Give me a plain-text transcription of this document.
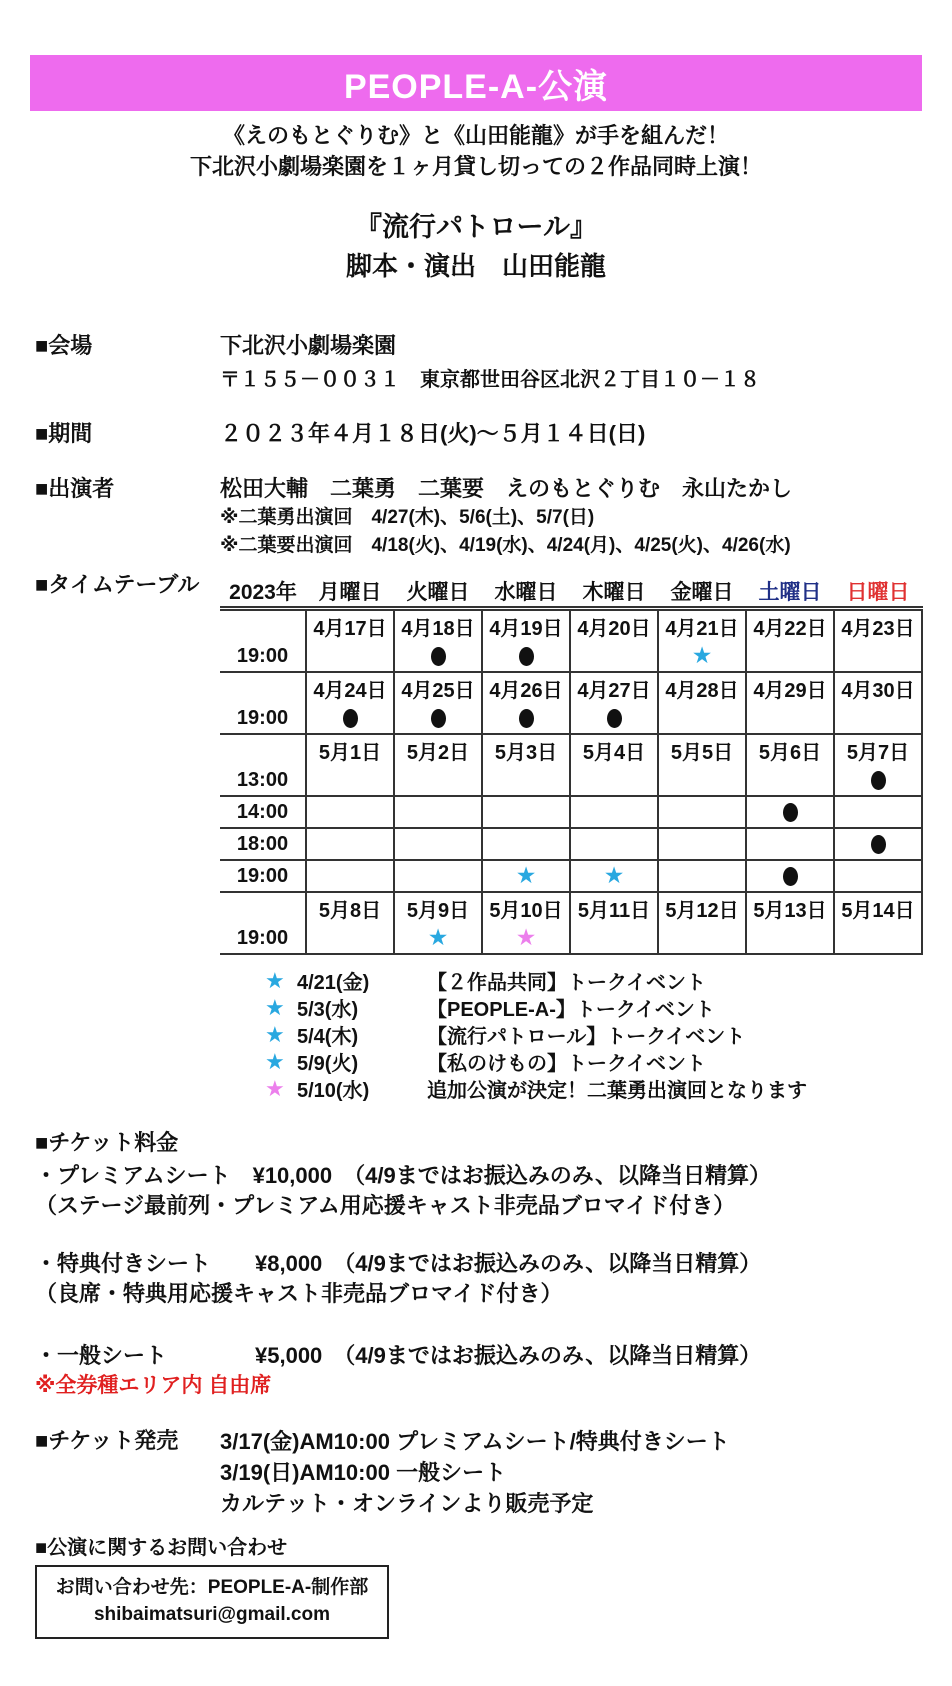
PEOPLE-A-公演
《えのもとぐりむ》と《山田能龍》が手を組んだ！
下北沢小劇場楽園を１ヶ月貸し切っての２作品同時上演！
『流行パトロール』
脚本・演出　山田能龍
■会場	下北沢小劇場楽園
〒１５５－００３１　東京都世田谷区北沢２丁目１０－１８
■期間	２０２３年４月１８日(火)～５月１４日(日)
■出演者	松田大輔　二葉勇　二葉要　えのもとぐりむ　永山たかし
※二葉勇出演回　4/27(木)、5/6(土)、5/7(日)
※二葉要出演回　4/18(火)、4/19(水)、4/24(月)、4/25(火)、4/26(水)
■タイムテーブル	2023年	月曜日	火曜日	水曜日	木曜日	金曜日	土曜日	日曜日
	4月17日	4月18日	4月19日	4月20日	4月21日	4月22日	4月23日
19:00					★		
	4月24日	4月25日	4月26日	4月27日	4月28日	4月29日	4月30日
19:00							
	5月1日	5月2日	5月3日	5月4日	5月5日	5月6日	5月7日
13:00							
14:00							
18:00							
19:00			★	★			
	5月8日	5月9日	5月10日	5月11日	5月12日	5月13日	5月14日
19:00		★	★				
★ 4/21(金)	【２作品共同】トークイベント
★ 5/3(水)	【PEOPLE-A-】トークイベント
★ 5/4(木)	【流行パトロール】トークイベント
★ 5/9(火)	【私のけもの】トークイベント
★ 5/10(水)	追加公演が決定！二葉勇出演回となります
■チケット料金
・プレミアムシート　¥10,000　（4/9まではお振込みのみ、以降当日精算）
（ステージ最前列・プレミアム用応援キャスト非売品ブロマイド付き）
・特典付きシート　　¥8,000　（4/9まではお振込みのみ、以降当日精算）
（良席・特典用応援キャスト非売品ブロマイド付き）
・一般シート　　　　¥5,000　（4/9まではお振込みのみ、以降当日精算）
※全券種エリア内 自由席
■チケット発売	3/17(金)AM10:00 プレミアムシート/特典付きシート
3/19(日)AM10:00 一般シート
カルテット・オンラインより販売予定
■公演に関するお問い合わせ
お問い合わせ先：PEOPLE-A-制作部
shibaimatsuri@gmail.com
